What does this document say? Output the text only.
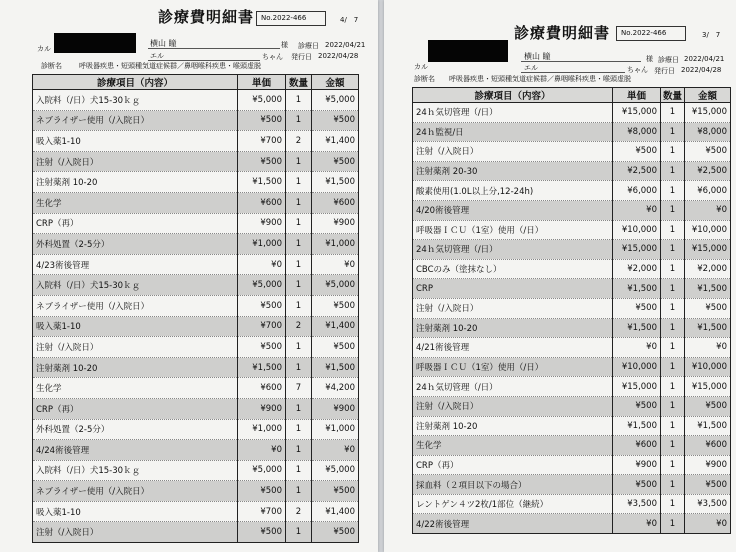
診療費明細書 No.2022-466	4/　7
カル
横山 瞳	様 診療日 2022/04/21
エル	ちゃん 発行日 2022/04/28
診断名 呼吸器疾患・短頭種気道症候群／鼻咽喉科疾患・喉頭虚脱
診療項目（内容）	単価	数量	金額
入院料（/日）犬15-30ｋｇ	¥5,000	1	¥5,000
ネブライザー使用（/入院日）	¥500	1	¥500
吸入薬1-10	¥700	2	¥1,400
注射（/入院日）	¥500	1	¥500
注射薬剤 10-20	¥1,500	1	¥1,500
生化学	¥600	1	¥600
CRP（再）	¥900	1	¥900
外科処置（2-5分）	¥1,000	1	¥1,000
4/23術後管理	¥0	1	¥0
入院料（/日）犬15-30ｋｇ	¥5,000	1	¥5,000
ネブライザー使用（/入院日）	¥500	1	¥500
吸入薬1-10	¥700	2	¥1,400
注射（/入院日）	¥500	1	¥500
注射薬剤 10-20	¥1,500	1	¥1,500
生化学	¥600	7	¥4,200
CRP（再）	¥900	1	¥900
外科処置（2-5分）	¥1,000	1	¥1,000
4/24術後管理	¥0	1	¥0
入院料（/日）犬15-30ｋｇ	¥5,000	1	¥5,000
ネブライザー使用（/入院日）	¥500	1	¥500
吸入薬1-10	¥700	2	¥1,400
注射（/入院日）	¥500	1	¥500
診療費明細書	No.2022-466	3/　7
カル
横山 瞳	様 診療日 2022/04/21
エル	ちゃん 発行日 2022/04/28
診断名 呼吸器疾患・短頭種気道症候群／鼻咽喉科疾患・喉頭虚脱
診療項目（内容）	単価	数量	金額
24ｈ気切管理（/日）	¥15,000	1	¥15,000
24ｈ監視/日	¥8,000	1	¥8,000
注射（/入院日）	¥500	1	¥500
注射薬剤 20-30	¥2,500	1	¥2,500
酸素使用(1.0L以上分,12-24h)	¥6,000	1	¥6,000
4/20術後管理	¥0	1	¥0
呼吸器ＩＣＵ（1室）使用（/日）	¥10,000	1	¥10,000
24ｈ気切管理（/日）	¥15,000	1	¥15,000
CBCのみ（塗抹なし）	¥2,000	1	¥2,000
CRP	¥1,500	1	¥1,500
注射（/入院日）	¥500	1	¥500
注射薬剤 10-20	¥1,500	1	¥1,500
4/21術後管理	¥0	1	¥0
呼吸器ＩＣＵ（1室）使用（/日）	¥10,000	1	¥10,000
24ｈ気切管理（/日）	¥15,000	1	¥15,000
注射（/入院日）	¥500	1	¥500
注射薬剤 10-20	¥1,500	1	¥1,500
生化学	¥600	1	¥600
CRP（再）	¥900	1	¥900
採血料（２項目以下の場合）	¥500	1	¥500
レントゲン４ツ2枚/1部位（継続）	¥3,500	1	¥3,500
4/22術後管理	¥0	1	¥0
